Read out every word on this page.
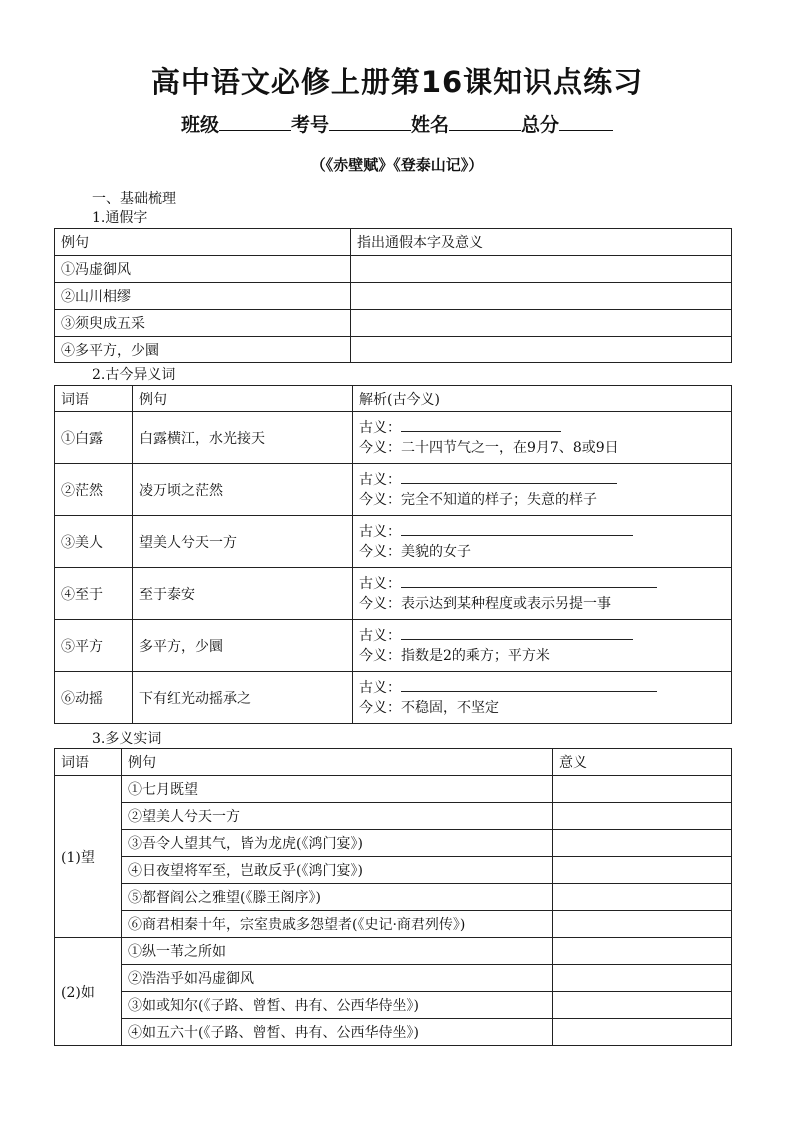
高中语文必修上册第16课知识点练习
班级	考号	姓名	总分
（《赤壁赋》《登泰山记》）
一、基础梳理
1.通假字
例句	指出通假本字及意义
①冯虚御风	
②山川相缪	
③须臾成五采	
④多平方，少圜	
2.古今异义词
词语	例句	解析(古今义)
①白露	白露横江，水光接天	古义：
今义：二十四节气之一，在9月7、8或9日

②茫然	凌万顷之茫然	古义：
今义：完全不知道的样子；失意的样子

③美人	望美人兮天一方	古义：
今义：美貌的女子

④至于	至于泰安	古义：
今义：表示达到某种程度或表示另提一事

⑤平方	多平方，少圜	古义：
今义：指数是2的乘方；平方米

⑥动摇	下有红光动摇承之	古义：
今义：不稳固，不坚定
3.多义实词
词语	例句	意义
(1)望	①七月既望	
	②望美人兮天一方	
	③吾令人望其气，皆为龙虎(《鸿门宴》)	
	④日夜望将军至，岂敢反乎(《鸿门宴》)	
	⑤都督阎公之雅望(《滕王阁序》)	
	⑥商君相秦十年，宗室贵戚多怨望者(《史记·商君列传》)	
(2)如	①纵一苇之所如	
	②浩浩乎如冯虚御风	
	③如或知尔(《子路、曾皙、冉有、公西华侍坐》)	
	④如五六十(《子路、曾皙、冉有、公西华侍坐》)	
